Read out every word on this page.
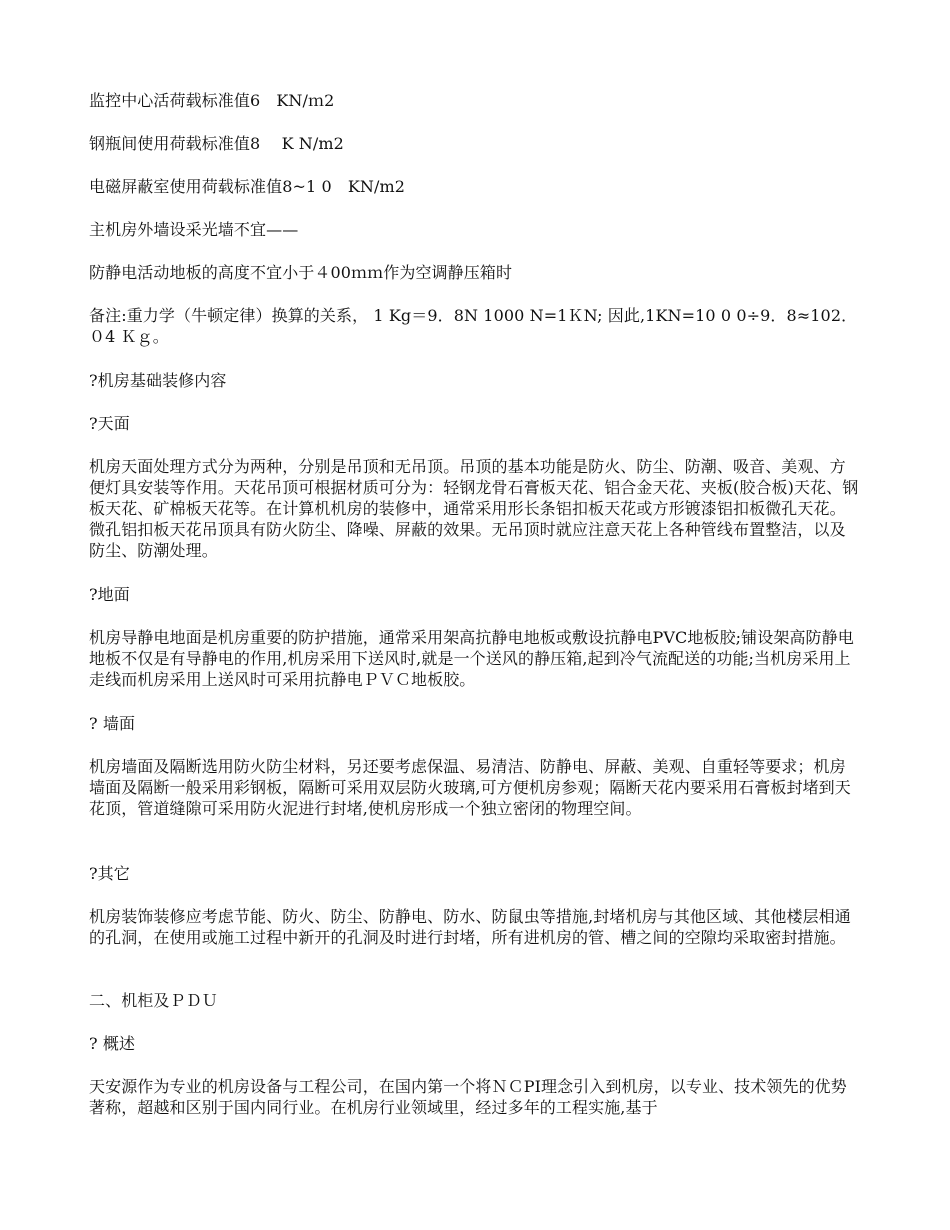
监控中心活荷载标准值6　KN/ｍ2

钢瓶间使用荷载标准值8　 K N/m2

电磁屏蔽室使用荷载标准值8~1 0　KN/m2

主机房外墙设采光墙不宜——

防静电活动地板的高度不宜小于４00ｍｍ作为空调静压箱时

备注:重力学（牛顿定律）换算的关系， 1 Kg＝9．8N 1000 N=1ＫN; 因此,1KN=10 0 0÷9．8≈102．０4 Ｋｇ。

?机房基础装修内容

?天面

机房天面处理方式分为两种，分别是吊顶和无吊顶。吊顶的基本功能是防火、防尘、防潮、吸音、美观、方便灯具安装等作用。天花吊顶可根据材质可分为：轻钢龙骨石膏板天花、铝合金天花、夹板(胶合板)天花、钢板天花、矿棉板天花等。在计算机机房的装修中，通常采用形长条铝扣板天花或方形镀漆铝扣板微孔天花。微孔铝扣板天花吊顶具有防火防尘、降噪、屏蔽的效果。无吊顶时就应注意天花上各种管线布置整洁，以及防尘、防潮处理。

?地面

机房导静电地面是机房重要的防护措施，通常采用架高抗静电地板或敷设抗静电PVC地板胶;铺设架高防静电地板不仅是有导静电的作用,机房采用下送风时,就是一个送风的静压箱,起到冷气流配送的功能;当机房采用上走线而机房采用上送风时可采用抗静电ＰＶＣ地板胶。

? 墙面

机房墙面及隔断选用防火防尘材料，另还要考虑保温、易清洁、防静电、屏蔽、美观、自重轻等要求；机房墙面及隔断一般采用彩钢板，隔断可采用双层防火玻璃,可方便机房参观；隔断天花内要采用石膏板封堵到天花顶，管道缝隙可采用防火泥进行封堵,使机房形成一个独立密闭的物理空间。

?其它

机房装饰装修应考虑节能、防火、防尘、防静电、防水、防鼠虫等措施,封堵机房与其他区域、其他楼层相通的孔洞，在使用或施工过程中新开的孔洞及时进行封堵，所有进机房的管、槽之间的空隙均采取密封措施。

二、机柜及ＰＤＵ

? 概述

天安源作为专业的机房设备与工程公司，在国内第一个将ＮＣPI理念引入到机房，以专业、技术领先的优势著称，超越和区别于国内同行业。在机房行业领域里，经过多年的工程实施,基于
